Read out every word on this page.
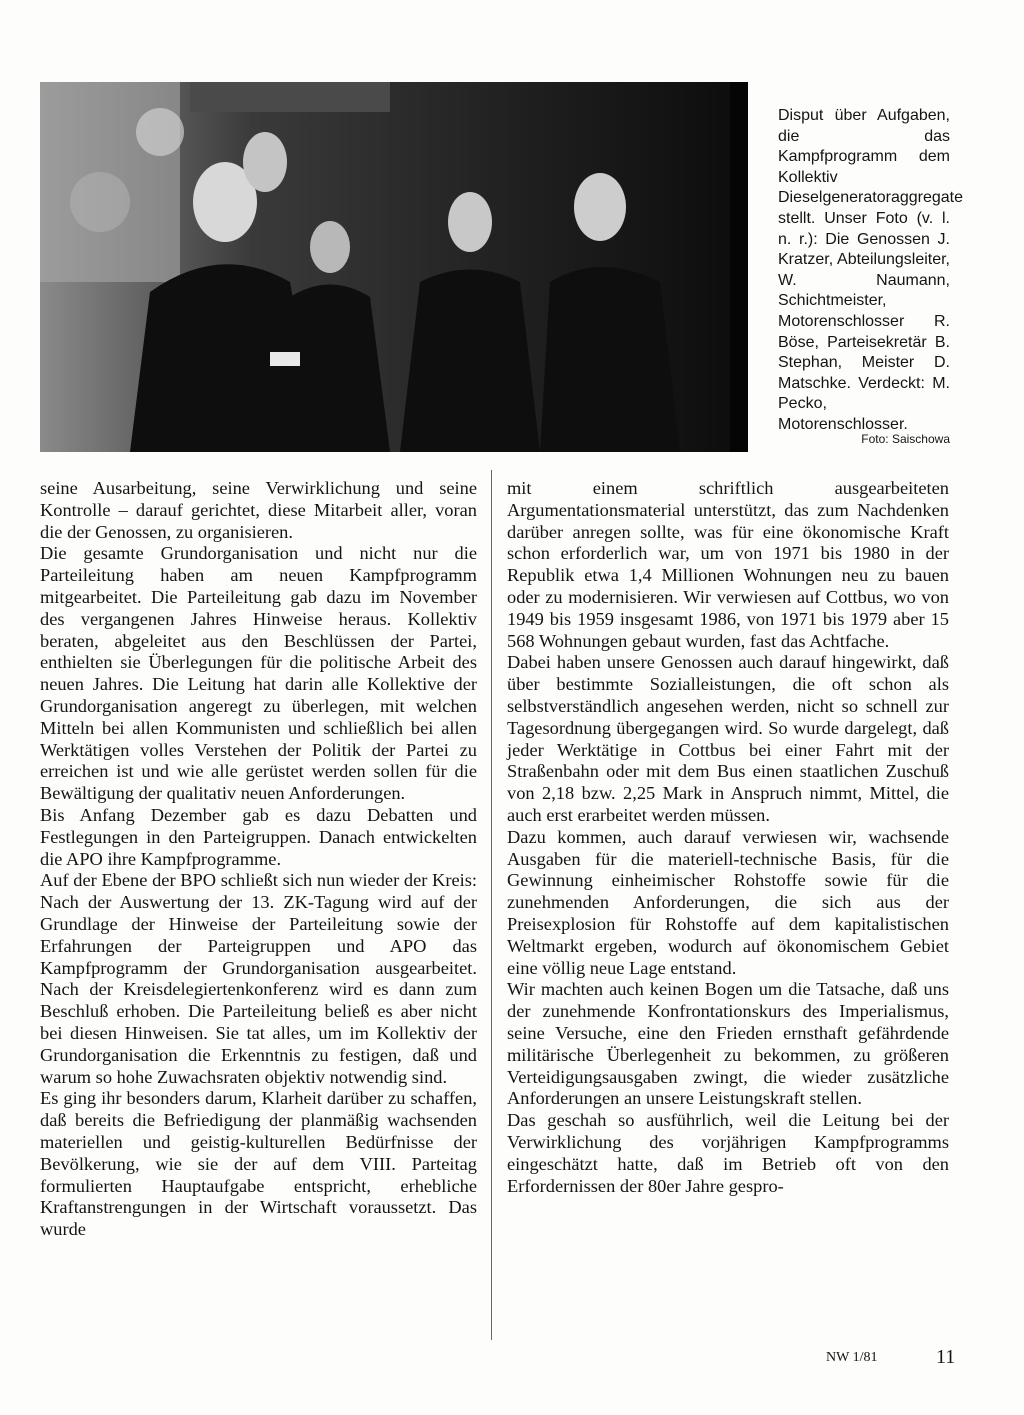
Disput über Aufgaben, die das Kampfprogramm dem Kollektiv Dieselgeneratoraggregate stellt. Unser Foto (v. l. n. r.): Die Genossen J. Kratzer, Abteilungsleiter, W. Naumann, Schichtmeister, Motorenschlosser R. Böse, Parteisekretär B. Stephan, Meister D. Matschke. Verdeckt: M. Pecko, Motorenschlosser.

Foto: Saischowa

seine Ausarbeitung, seine Verwirklichung und seine Kontrolle – darauf gerichtet, diese Mitarbeit aller, voran die der Genossen, zu organisieren.

Die gesamte Grundorganisation und nicht nur die Parteileitung haben am neuen Kampfprogramm mitgearbeitet. Die Parteileitung gab dazu im November des vergangenen Jahres Hinweise heraus. Kollektiv beraten, abgeleitet aus den Beschlüssen der Partei, enthielten sie Überlegungen für die politische Arbeit des neuen Jahres. Die Leitung hat darin alle Kollektive der Grundorganisation angeregt zu überlegen, mit welchen Mitteln bei allen Kommunisten und schließlich bei allen Werktätigen volles Verstehen der Politik der Partei zu erreichen ist und wie alle gerüstet werden sollen für die Bewältigung der qualitativ neuen Anforderungen.

Bis Anfang Dezember gab es dazu Debatten und Festlegungen in den Parteigruppen. Danach entwickelten die APO ihre Kampfprogramme.

Auf der Ebene der BPO schließt sich nun wieder der Kreis: Nach der Auswertung der 13. ZK-Tagung wird auf der Grundlage der Hinweise der Parteileitung sowie der Erfahrungen der Parteigruppen und APO das Kampfprogramm der Grundorganisation ausgearbeitet. Nach der Kreisdelegiertenkonferenz wird es dann zum Beschluß erhoben. Die Parteileitung beließ es aber nicht bei diesen Hinweisen. Sie tat alles, um im Kollektiv der Grundorganisation die Erkenntnis zu festigen, daß und warum so hohe Zuwachsraten objektiv notwendig sind.

Es ging ihr besonders darum, Klarheit darüber zu schaffen, daß bereits die Befriedigung der planmäßig wachsenden materiellen und geistig-kulturellen Bedürfnisse der Bevölkerung, wie sie der auf dem VIII. Parteitag formulierten Hauptaufgabe entspricht, erhebliche Kraftanstrengungen in der Wirtschaft voraussetzt. Das wurde

mit einem schriftlich ausgearbeiteten Argumentationsmaterial unterstützt, das zum Nachdenken darüber anregen sollte, was für eine ökonomische Kraft schon erforderlich war, um von 1971 bis 1980 in der Republik etwa 1,4 Millionen Wohnungen neu zu bauen oder zu modernisieren. Wir verwiesen auf Cottbus, wo von 1949 bis 1959 insgesamt 1986, von 1971 bis 1979 aber 15 568 Wohnungen gebaut wurden, fast das Achtfache.

Dabei haben unsere Genossen auch darauf hingewirkt, daß über bestimmte Sozialleistungen, die oft schon als selbstverständlich angesehen werden, nicht so schnell zur Tagesordnung übergegangen wird. So wurde dargelegt, daß jeder Werktätige in Cottbus bei einer Fahrt mit der Straßenbahn oder mit dem Bus einen staatlichen Zuschuß von 2,18 bzw. 2,25 Mark in Anspruch nimmt, Mittel, die auch erst erarbeitet werden müssen.

Dazu kommen, auch darauf verwiesen wir, wachsende Ausgaben für die materiell-technische Basis, für die Gewinnung einheimischer Rohstoffe sowie für die zunehmenden Anforderungen, die sich aus der Preisexplosion für Rohstoffe auf dem kapitalistischen Weltmarkt ergeben, wodurch auf ökonomischem Gebiet eine völlig neue Lage entstand.

Wir machten auch keinen Bogen um die Tatsache, daß uns der zunehmende Konfrontationskurs des Imperialismus, seine Versuche, eine den Frieden ernsthaft gefährdende militärische Überlegenheit zu bekommen, zu größeren Verteidigungsausgaben zwingt, die wieder zusätzliche Anforderungen an unsere Leistungskraft stellen.

Das geschah so ausführlich, weil die Leitung bei der Verwirklichung des vorjährigen Kampfprogramms eingeschätzt hatte, daß im Betrieb oft von den Erfordernissen der 80er Jahre gespro-

NW 1/81	11
